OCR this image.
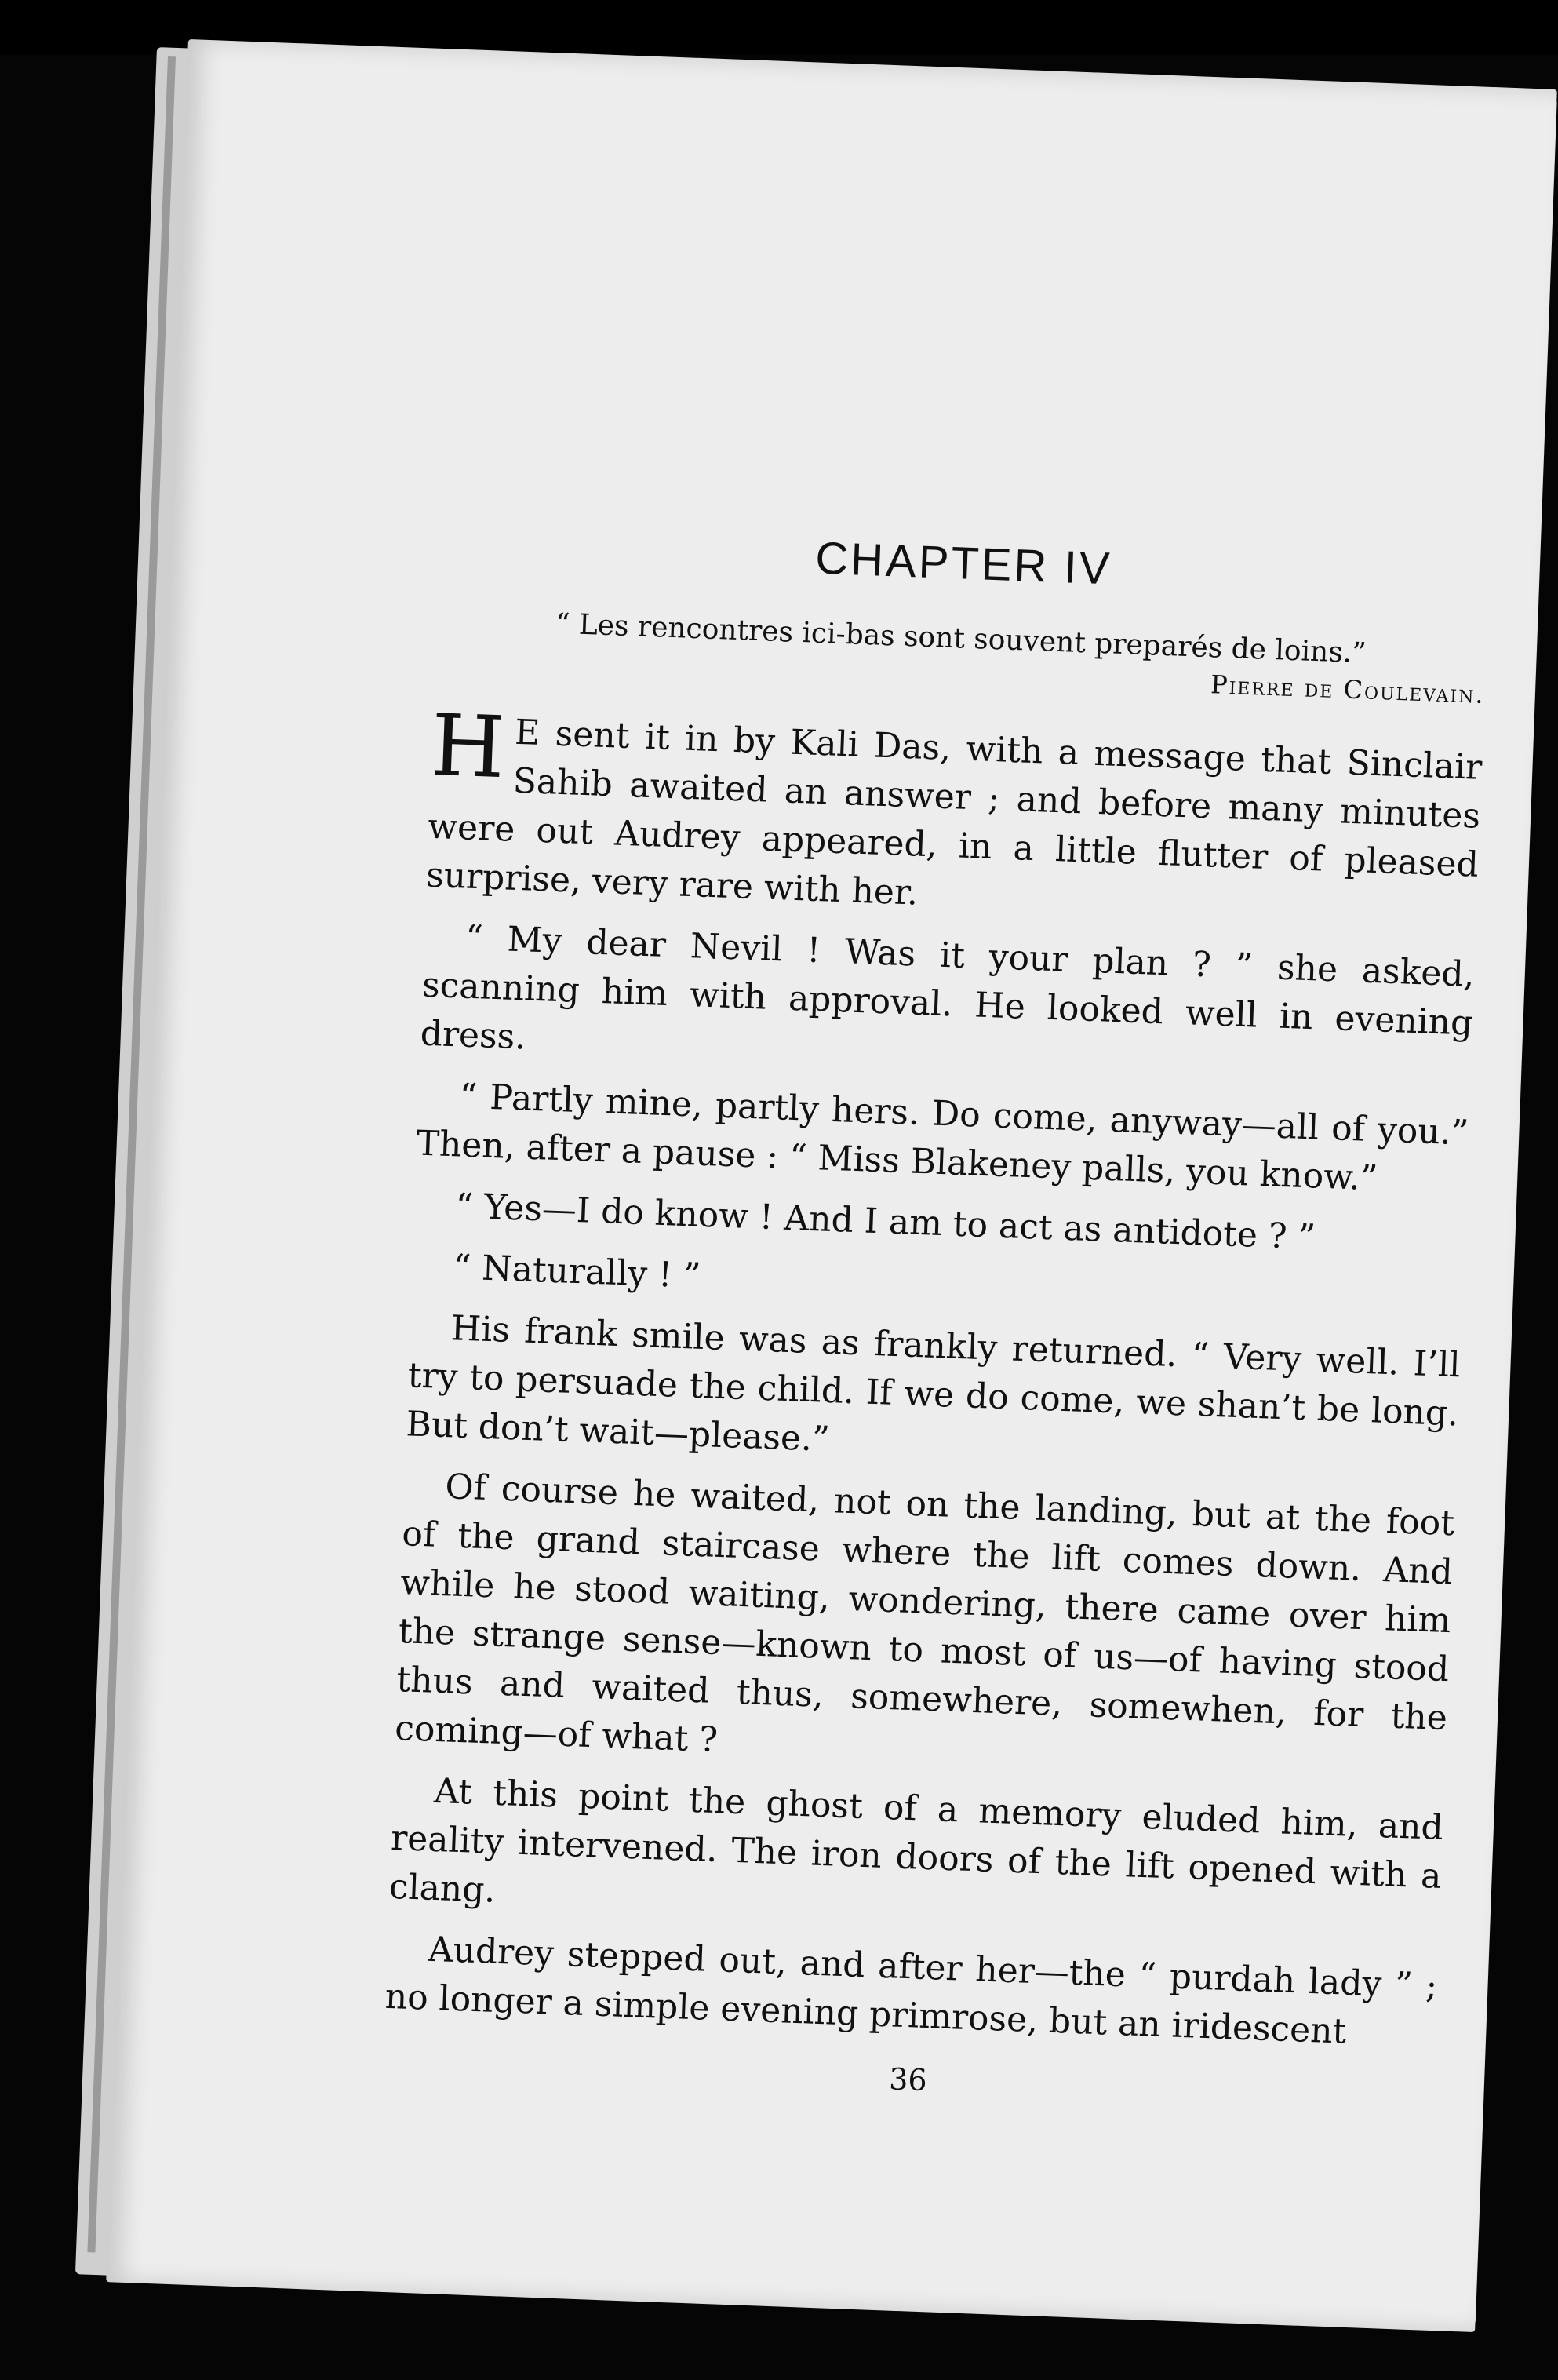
CHAPTER IV

“ Les rencontres ici-bas sont souvent preparés de loins.”

Pierre de Coulevain.

H E sent it in by Kali Das, with a message that Sinclair Sahib awaited an answer ; and before many minutes were out Audrey appeared, in a little flutter of pleased surprise, very rare with her.

“ My dear Nevil ! Was it your plan ? ” she asked, scanning him with approval. He looked well in evening dress.

“ Partly mine, partly hers. Do come, anyway—all of you.” Then, after a pause : “ Miss Blakeney palls, you know.”

“ Yes—I do know ! And I am to act as antidote ? ”

“ Naturally ! ”

His frank smile was as frankly returned. “ Very well. I’ll try to persuade the child. If we do come, we shan’t be long. But don’t wait—please.”

Of course he waited, not on the landing, but at the foot of the grand staircase where the lift comes down. And while he stood waiting, wondering, there came over him the strange sense—known to most of us—of having stood thus and waited thus, somewhere, somewhen, for the coming—of what ?

At this point the ghost of a memory eluded him, and reality intervened. The iron doors of the lift opened with a clang.

Audrey stepped out, and after her—the “ purdah lady ” ; no longer a simple evening primrose, but an iridescent

36
